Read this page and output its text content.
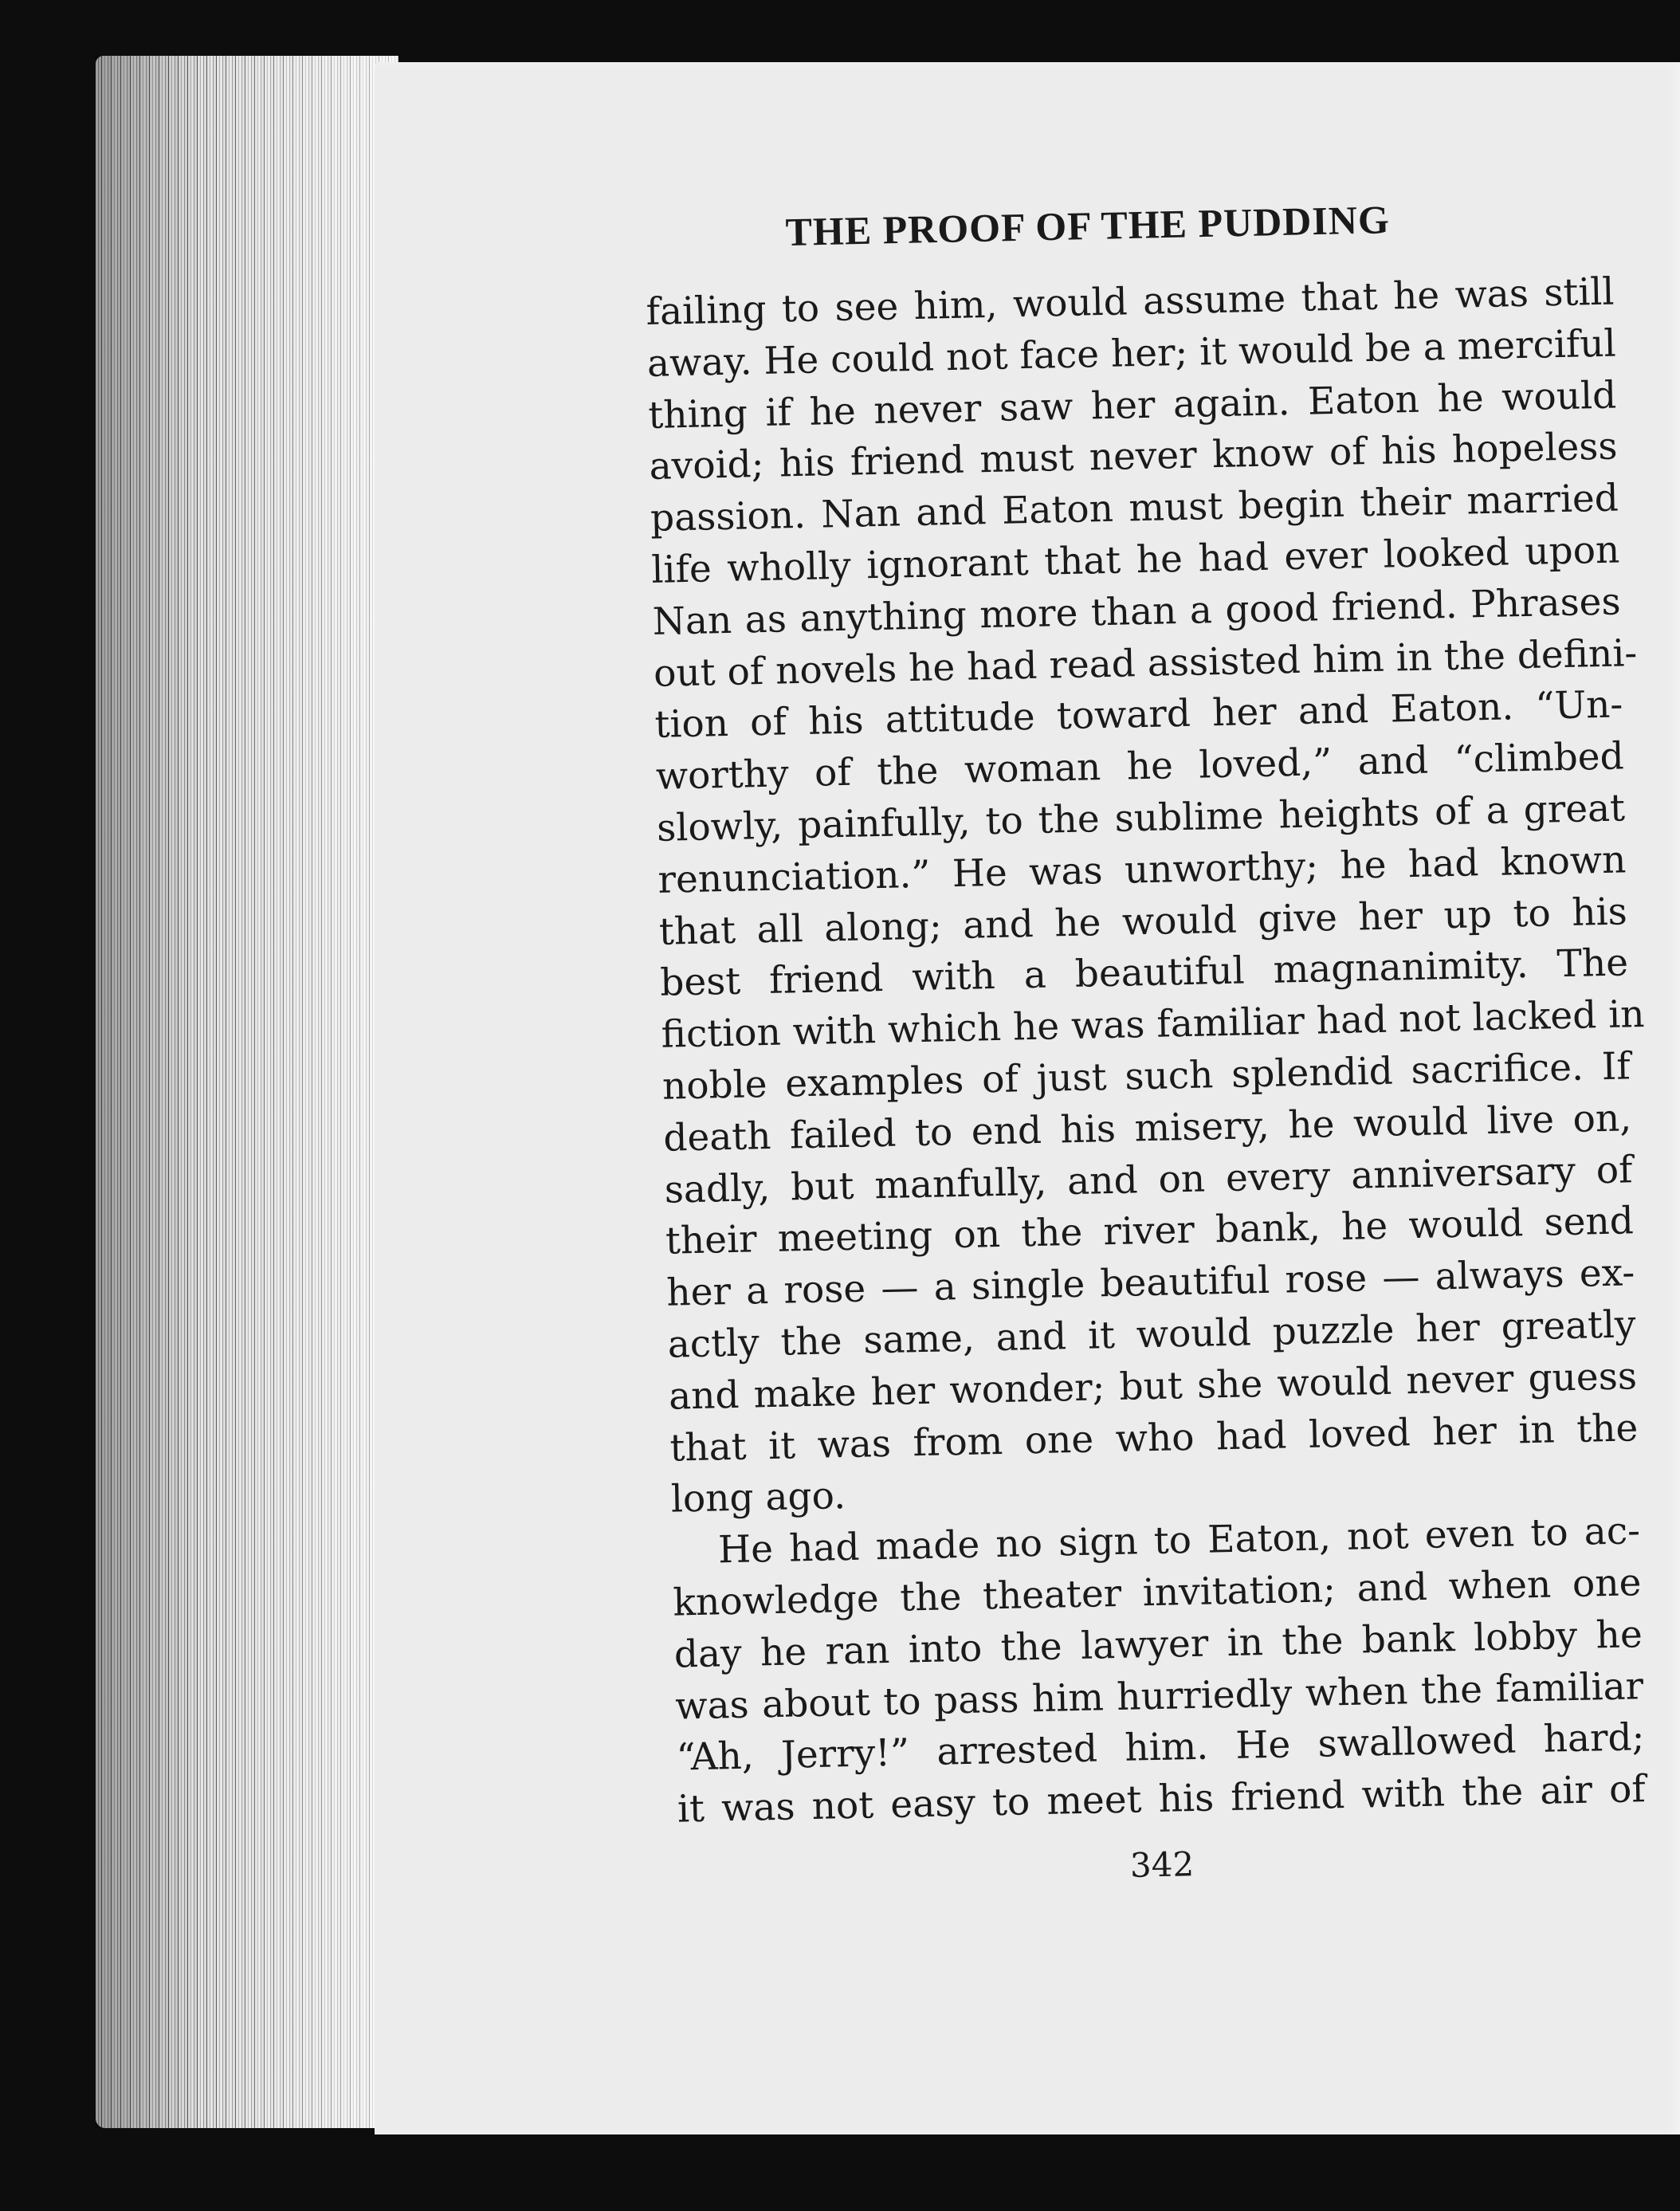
THE PROOF OF THE PUDDING

failing to see him, would assume that he was still
away. He could not face her; it would be a merciful
thing if he never saw her again. Eaton he would
avoid; his friend must never know of his hopeless
passion. Nan and Eaton must begin their married
life wholly ignorant that he had ever looked upon
Nan as anything more than a good friend. Phrases
out of novels he had read assisted him in the defini-
tion of his attitude toward her and Eaton. “Un-
worthy of the woman he loved,” and “climbed
slowly, painfully, to the sublime heights of a great
renunciation.” He was unworthy; he had known
that all along; and he would give her up to his
best friend with a beautiful magnanimity. The
fiction with which he was familiar had not lacked in
noble examples of just such splendid sacrifice. If
death failed to end his misery, he would live on,
sadly, but manfully, and on every anniversary of
their meeting on the river bank, he would send
her a rose — a single beautiful rose — always ex-
actly the same, and it would puzzle her greatly
and make her wonder; but she would never guess
that it was from one who had loved her in the
long ago.

He had made no sign to Eaton, not even to ac-
knowledge the theater invitation; and when one
day he ran into the lawyer in the bank lobby he
was about to pass him hurriedly when the familiar
“Ah, Jerry!” arrested him. He swallowed hard;
it was not easy to meet his friend with the air of

342
